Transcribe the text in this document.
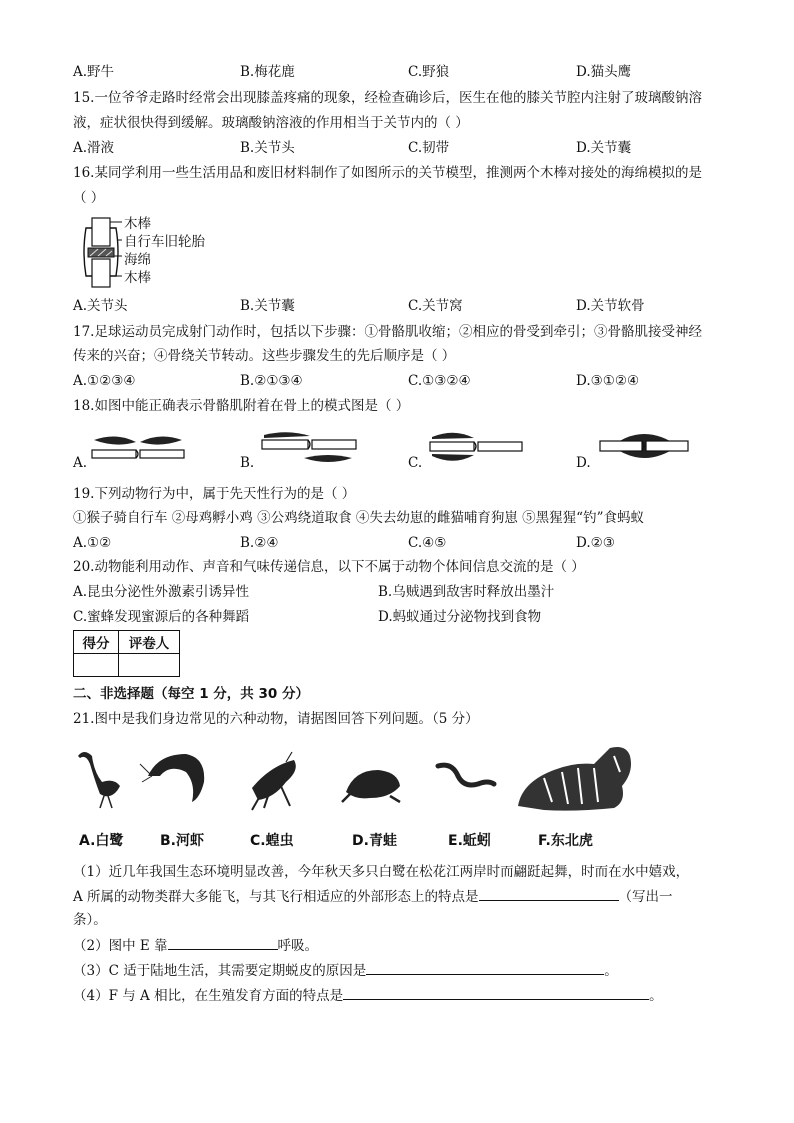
A.野牛	B.梅花鹿	C.野狼	D.猫头鹰
15.一位爷爷走路时经常会出现膝盖疼痛的现象，经检查确诊后，医生在他的膝关节腔内注射了玻璃酸钠溶
液，症状很快得到缓解。玻璃酸钠溶液的作用相当于关节内的（ ）
A.滑液	B.关节头	C.韧带	D.关节囊
16.某同学利用一些生活用品和废旧材料制作了如图所示的关节模型，推测两个木棒对接处的海绵模拟的是
（ ）
木棒
自行车旧轮胎
海绵
木棒
A.关节头	B.关节囊	C.关节窝	D.关节软骨
17.足球运动员完成射门动作时，包括以下步骤：①骨骼肌收缩；②相应的骨受到牵引；③骨骼肌接受神经
传来的兴奋；④骨绕关节转动。这些步骤发生的先后顺序是（ ）
A.①②③④	B.②①③④	C.①③②④	D.③①②④
18.如图中能正确表示骨骼肌附着在骨上的模式图是（ ）
A.	B.	C.	D.
19.下列动物行为中，属于先天性行为的是（ ）
①猴子骑自行车 ②母鸡孵小鸡 ③公鸡绕道取食 ④失去幼崽的雌猫哺育狗崽 ⑤黑猩猩“钓”食蚂蚁
A.①②	B.②④	C.④⑤	D.②③
20.动物能利用动作、声音和气味传递信息，以下不属于动物个体间信息交流的是（ ）
A.昆虫分泌性外激素引诱异性	B.乌贼遇到敌害时释放出墨汁
C.蜜蜂发现蜜源后的各种舞蹈	D.蚂蚁通过分泌物找到食物
得分	评卷人

二、非选择题（每空 1 分，共 30 分）
21.图中是我们身边常见的六种动物，请据图回答下列问题。（5 分）
A.白鹭	B.河虾	C.蝗虫	D.青蛙	E.蚯蚓	F.东北虎
（1）近几年我国生态环境明显改善，今年秋天多只白鹭在松花江两岸时而翩跹起舞，时而在水中嬉戏，
A 所属的动物类群大多能飞，与其飞行相适应的外部形态上的特点是	（写出一
条）。
（2）图中 E 靠	呼吸。
（3）C 适于陆地生活，其需要定期蜕皮的原因是	。
（4）F 与 A 相比，在生殖发育方面的特点是	。
